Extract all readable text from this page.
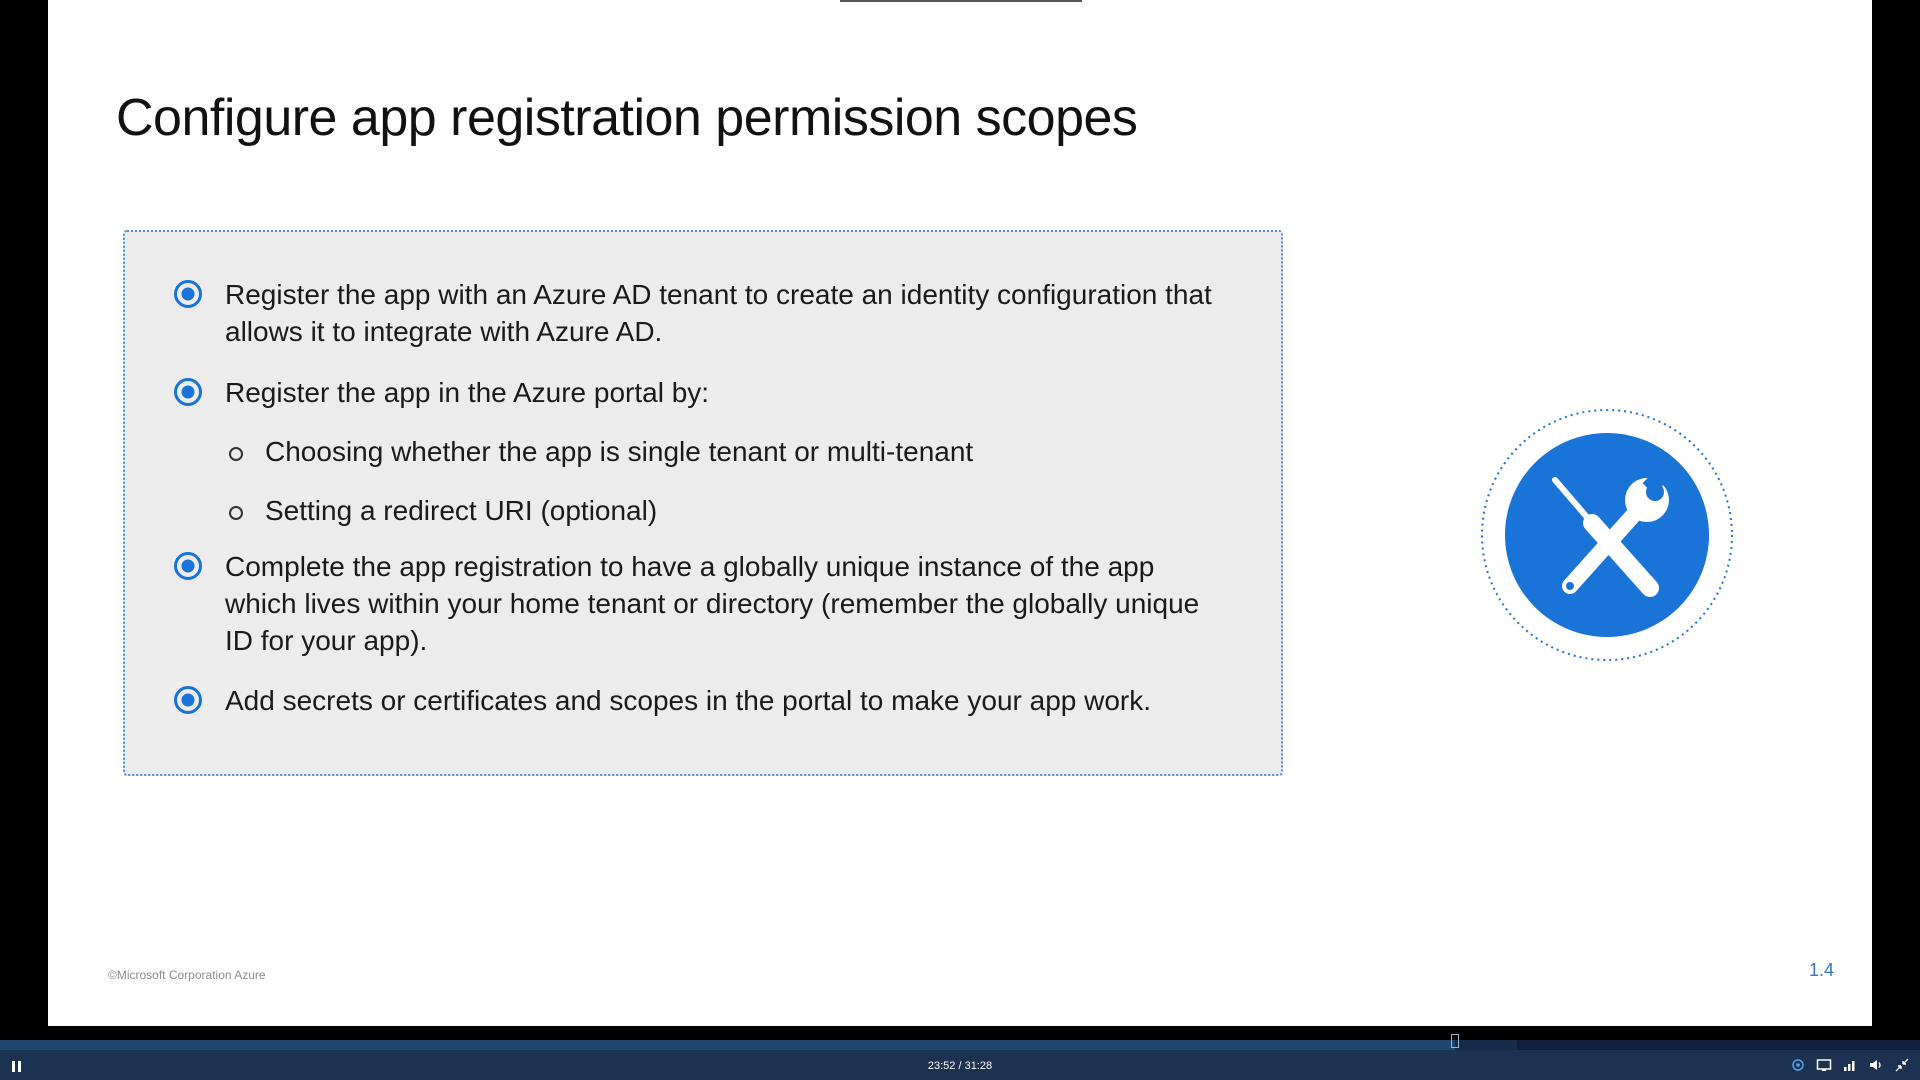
Configure app registration permission scopes
Register the app with an Azure AD tenant to create an identity configuration that allows it to integrate with Azure AD.
Register the app in the Azure portal by:
Choosing whether the app is single tenant or multi-tenant
Setting a redirect URI (optional)
Complete the app registration to have a globally unique instance of the app which lives within your home tenant or directory (remember the globally unique ID for your app).
Add secrets or certificates and scopes in the portal to make your app work.
©Microsoft Corporation Azure	1.4
23:52 / 31:28
